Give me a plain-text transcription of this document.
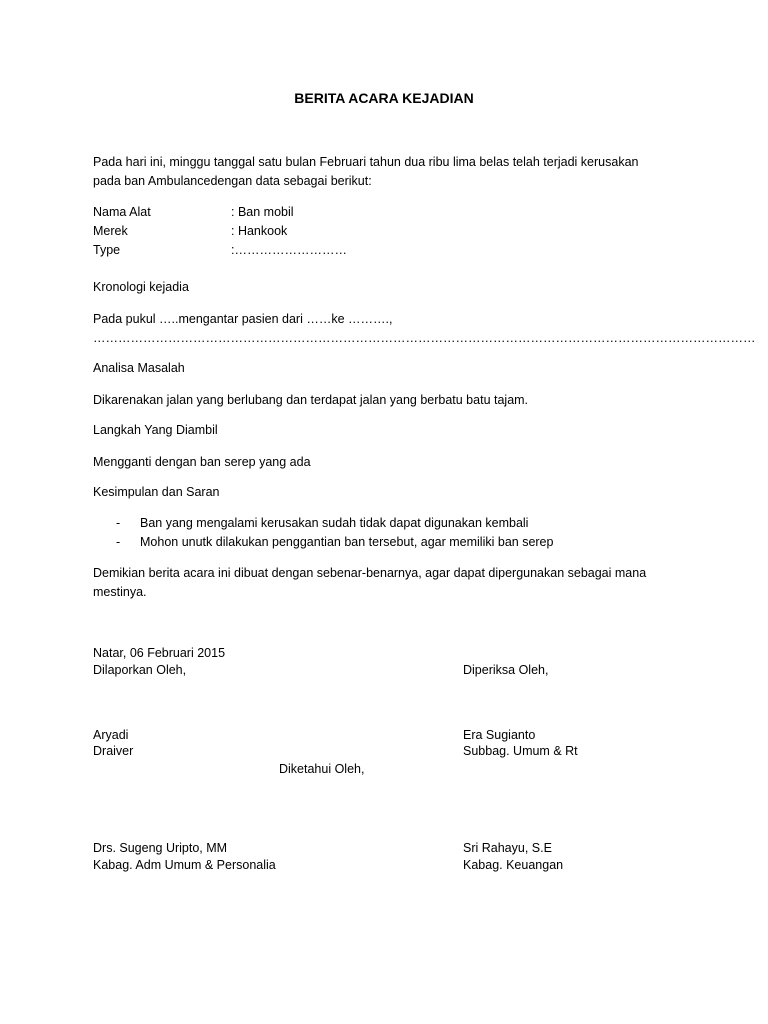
BERITA ACARA KEJADIAN
Pada hari ini, minggu tanggal satu bulan Februari tahun dua ribu lima belas telah terjadi kerusakan
pada ban Ambulancedengan data sebagai berikut:
Nama Alat	: Ban mobil
Merek	: Hankook
Type	:………………………
Kronologi kejadia
Pada pukul …..mengantar pasien dari ……ke ……….,
……………………………………………………………………………………………………………………………………………
Analisa Masalah
Dikarenakan jalan yang berlubang dan terdapat jalan yang berbatu batu tajam.
Langkah Yang Diambil
Mengganti dengan ban serep yang ada
Kesimpulan dan Saran
- Ban yang mengalami kerusakan sudah tidak dapat digunakan kembali
- Mohon unutk dilakukan penggantian ban tersebut, agar memiliki ban serep
Demikian berita acara ini dibuat dengan sebenar-benarnya, agar dapat dipergunakan sebagai mana
mestinya.
Natar, 06 Februari 2015
Dilaporkan Oleh,	Diperiksa Oleh,
Aryadi
Draiver
Era Sugianto
Subbag. Umum & Rt
Diketahui Oleh,
Drs. Sugeng Uripto, MM
Kabag. Adm Umum & Personalia
Sri Rahayu, S.E
Kabag. Keuangan
